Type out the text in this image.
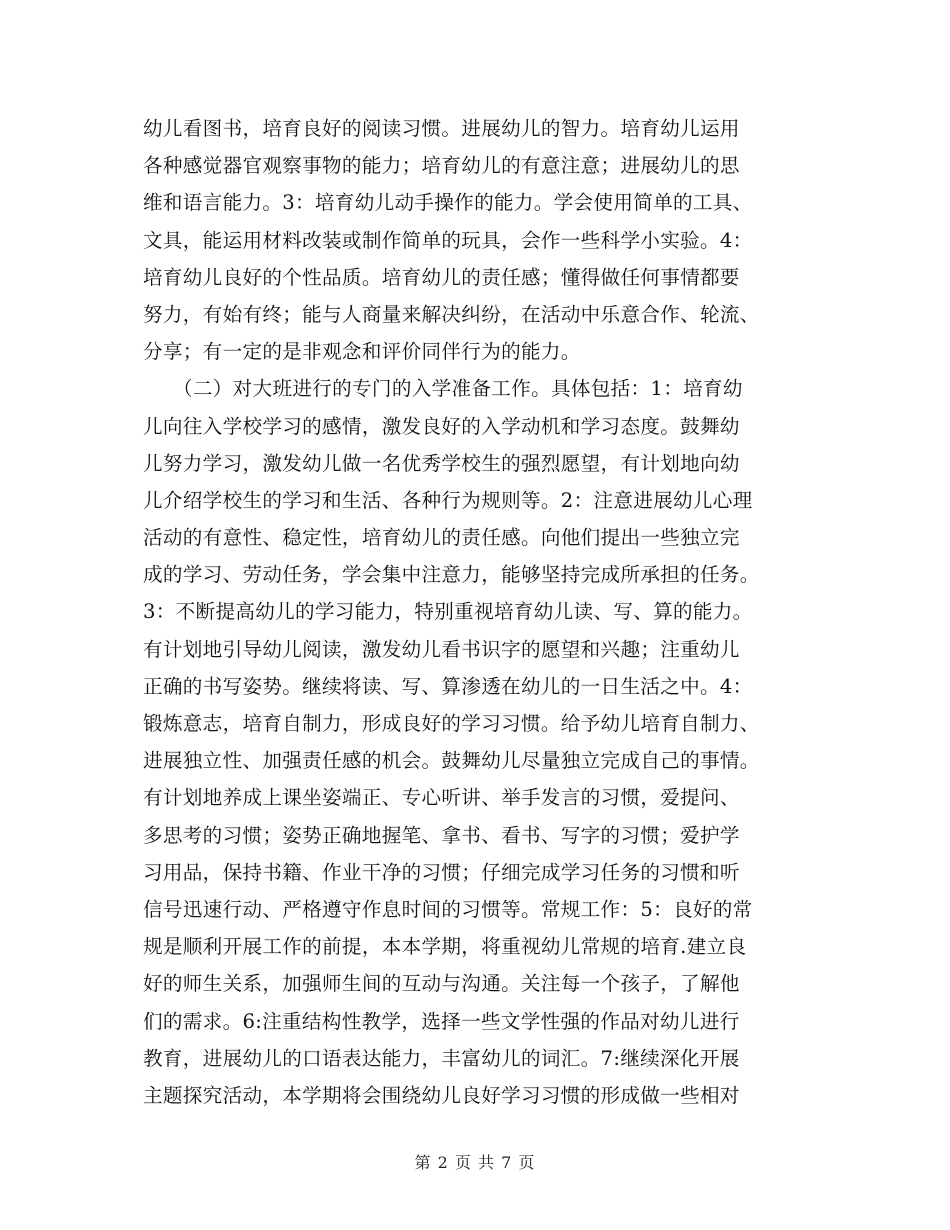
幼儿看图书，培育良好的阅读习惯。进展幼儿的智力。培育幼儿运用
各种感觉器官观察事物的能力；培育幼儿的有意注意；进展幼儿的思
维和语言能力。3：培育幼儿动手操作的能力。学会使用简单的工具、
文具，能运用材料改装或制作简单的玩具，会作一些科学小实验。4：
培育幼儿良好的个性品质。培育幼儿的责任感；懂得做任何事情都要
努力，有始有终；能与人商量来解决纠纷，在活动中乐意合作、轮流、
分享；有一定的是非观念和评价同伴行为的能力。
　　（二）对大班进行的专门的入学准备工作。具体包括：1：培育幼
儿向往入学校学习的感情，激发良好的入学动机和学习态度。鼓舞幼
儿努力学习，激发幼儿做一名优秀学校生的强烈愿望，有计划地向幼
儿介绍学校生的学习和生活、各种行为规则等。2：注意进展幼儿心理
活动的有意性、稳定性，培育幼儿的责任感。向他们提出一些独立完
成的学习、劳动任务，学会集中注意力，能够坚持完成所承担的任务。
3：不断提高幼儿的学习能力，特别重视培育幼儿读、写、算的能力。
有计划地引导幼儿阅读，激发幼儿看书识字的愿望和兴趣；注重幼儿
正确的书写姿势。继续将读、写、算渗透在幼儿的一日生活之中。4：
锻炼意志，培育自制力，形成良好的学习习惯。给予幼儿培育自制力、
进展独立性、加强责任感的机会。鼓舞幼儿尽量独立完成自己的事情。
有计划地养成上课坐姿端正、专心听讲、举手发言的习惯，爱提问、
多思考的习惯；姿势正确地握笔、拿书、看书、写字的习惯；爱护学
习用品，保持书籍、作业干净的习惯；仔细完成学习任务的习惯和听
信号迅速行动、严格遵守作息时间的习惯等。常规工作：5：良好的常
规是顺利开展工作的前提，本本学期，将重视幼儿常规的培育.建立良
好的师生关系，加强师生间的互动与沟通。关注每一个孩子，了解他
们的需求。6:注重结构性教学，选择一些文学性强的作品对幼儿进行
教育，进展幼儿的口语表达能力，丰富幼儿的词汇。7:继续深化开展
主题探究活动，本学期将会围绕幼儿良好学习习惯的形成做一些相对
第 2 页 共 7 页
